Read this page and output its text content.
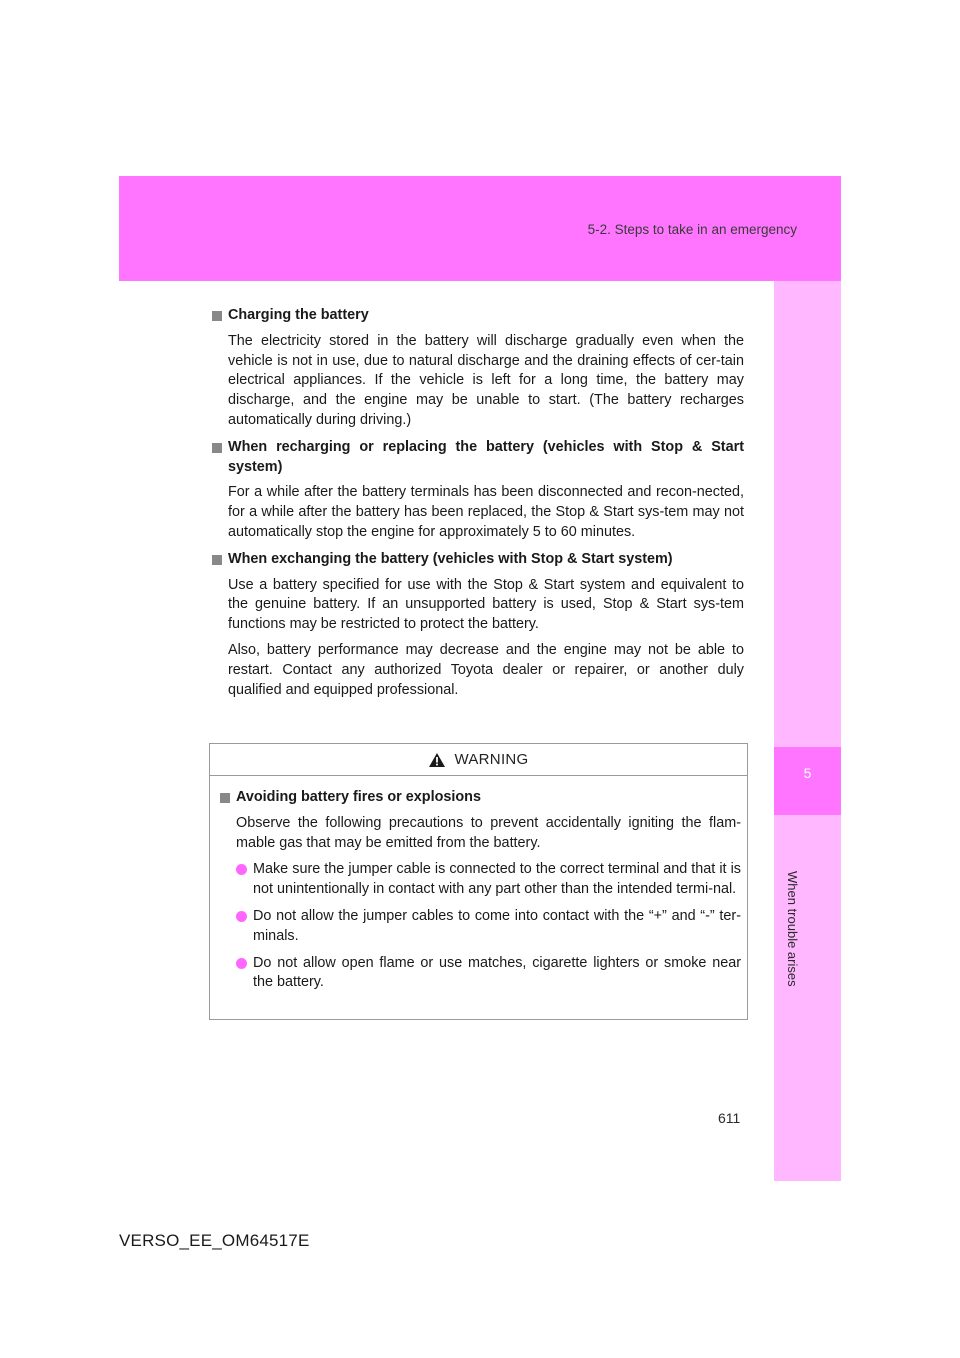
5-2. Steps to take in an emergency
5
When trouble arises
Charging the battery
The electricity stored in the battery will discharge gradually even when the vehicle is not in use, due to natural discharge and the draining effects of cer-tain electrical appliances. If the vehicle is left for a long time, the battery may discharge, and the engine may be unable to start. (The battery recharges automatically during driving.)
When recharging or replacing the battery (vehicles with Stop & Start system)
For a while after the battery terminals has been disconnected and recon-nected, for a while after the battery has been replaced, the Stop & Start sys-tem may not automatically stop the engine for approximately 5 to 60 minutes.
When exchanging the battery (vehicles with Stop & Start system)
Use a battery specified for use with the Stop & Start system and equivalent to the genuine battery. If an unsupported battery is used, Stop & Start sys-tem functions may be restricted to protect the battery.
Also, battery performance may decrease and the engine may not be able to restart. Contact any authorized Toyota dealer or repairer, or another duly qualified and equipped professional.
WARNING
Avoiding battery fires or explosions
Observe the following precautions to prevent accidentally igniting the flam-mable gas that may be emitted from the battery.
Make sure the jumper cable is connected to the correct terminal and that it is not unintentionally in contact with any part other than the intended termi-nal.
Do not allow the jumper cables to come into contact with the “+” and “-” ter-minals.
Do not allow open flame or use matches, cigarette lighters or smoke near the battery.
611
VERSO_EE_OM64517E
